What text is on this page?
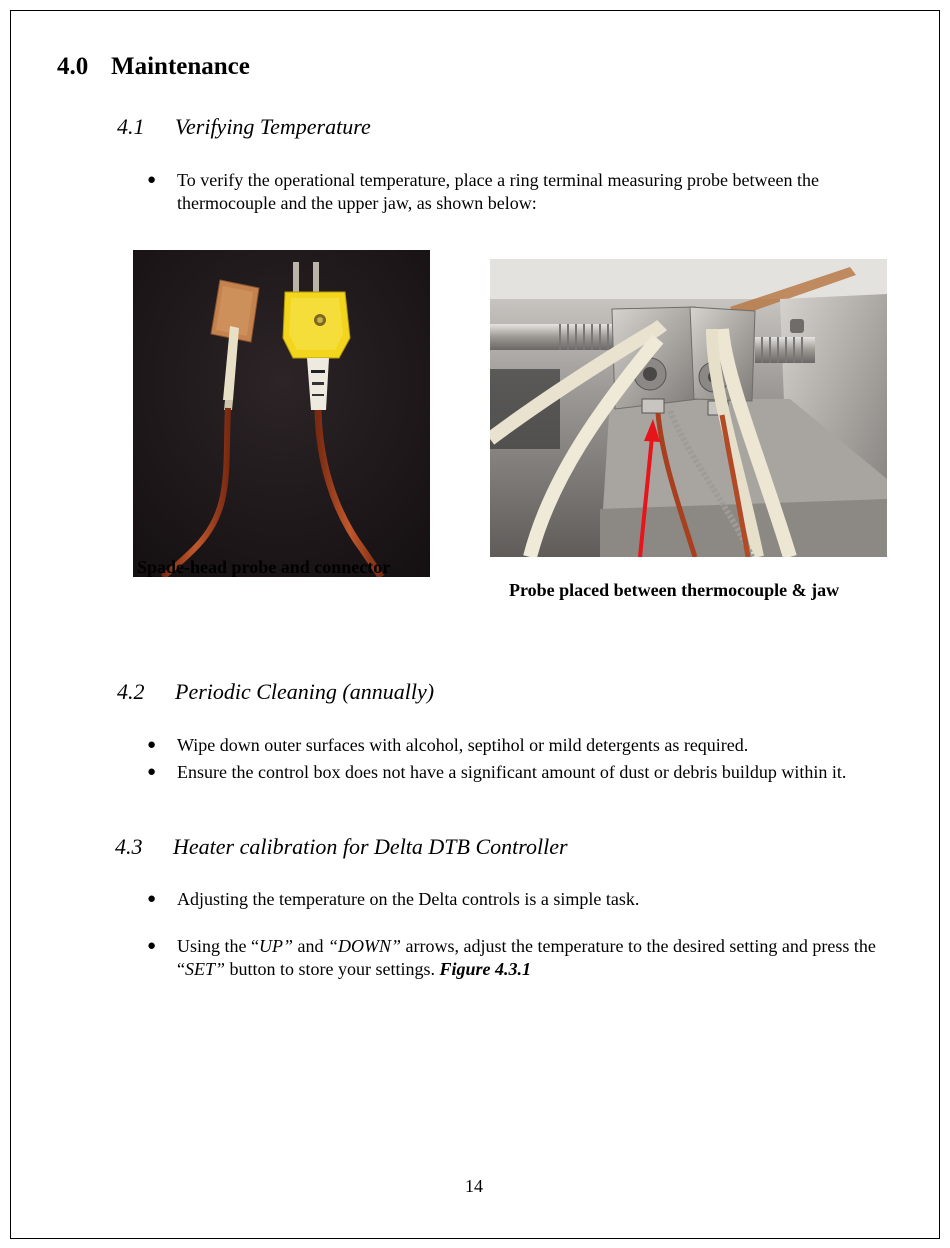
4.0 Maintenance
4.1 Verifying Temperature
● To verify the operational temperature, place a ring terminal measuring probe between the thermocouple and the upper jaw, as shown below:
Spade-head probe and connector
Probe placed between thermocouple & jaw
4.2 Periodic Cleaning (annually)
● Wipe down outer surfaces with alcohol, septihol or mild detergents as required.
● Ensure the control box does not have a significant amount of dust or debris buildup within it.
4.3 Heater calibration for Delta DTB Controller
● Adjusting the temperature on the Delta controls is a simple task.
● Using the “UP” and “DOWN” arrows, adjust the temperature to the desired setting and press the “SET” button to store your settings. Figure 4.3.1
14
